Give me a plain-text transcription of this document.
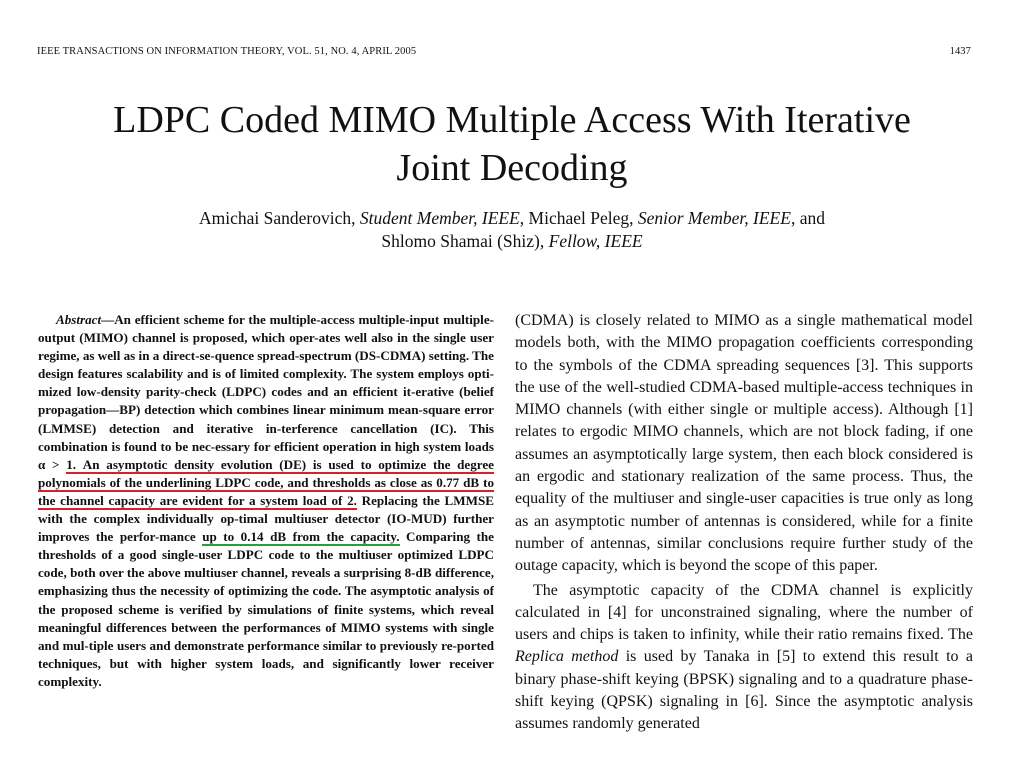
IEEE TRANSACTIONS ON INFORMATION THEORY, VOL. 51, NO. 4, APRIL 2005	1437
LDPC Coded MIMO Multiple Access With Iterative
Joint Decoding
Amichai Sanderovich, Student Member, IEEE, Michael Peleg, Senior Member, IEEE, and
Shlomo Shamai (Shiz), Fellow, IEEE
Abstract—An efficient scheme for the multiple-access multiple-input multiple-output (MIMO) channel is proposed, which oper-ates well also in the single user regime, as well as in a direct-se-quence spread-spectrum (DS-CDMA) setting. The design features scalability and is of limited complexity. The system employs opti-mized low-density parity-check (LDPC) codes and an efficient it-erative (belief propagation—BP) detection which combines linear minimum mean-square error (LMMSE) detection and iterative in-terference cancellation (IC). This combination is found to be nec-essary for efficient operation in high system loads α > 1. An asymptotic density evolution (DE) is used to optimize the degree polynomials of the underlining LDPC code, and thresholds as close as 0.77 dB to the channel capacity are evident for a system load of 2. Replacing the LMMSE with the complex individually op-timal multiuser detector (IO-MUD) further improves the perfor-mance up to 0.14 dB from the capacity. Comparing the thresholds of a good single-user LDPC code to the multiuser optimized LDPC code, both over the above multiuser channel, reveals a surprising 8-dB difference, emphasizing thus the necessity of optimizing the code. The asymptotic analysis of the proposed scheme is verified by simulations of finite systems, which reveal meaningful differences between the performances of MIMO systems with single and mul-tiple users and demonstrate performance similar to previously re-ported techniques, but with higher system loads, and significantly lower receiver complexity.

(CDMA) is closely related to MIMO as a single mathematical model models both, with the MIMO propagation coefficients corresponding to the symbols of the CDMA spreading sequences [3]. This supports the use of the well-studied CDMA-based multiple-access techniques in MIMO channels (with either single or multiple access). Although [1] relates to ergodic MIMO channels, which are not block fading, if one assumes an asymptotically large system, then each block considered is an ergodic and stationary realization of the same process. Thus, the equality of the multiuser and single-user capacities is true only as long as an asymptotic number of antennas is considered, while for a finite number of antennas, similar conclusions require further study of the outage capacity, which is beyond the scope of this paper.

The asymptotic capacity of the CDMA channel is explicitly calculated in [4] for unconstrained signaling, where the number of users and chips is taken to infinity, while their ratio remains fixed. The Replica method is used by Tanaka in [5] to extend this result to a binary phase-shift keying (BPSK) signaling and to a quadrature phase-shift keying (QPSK) signaling in [6]. Since the asymptotic analysis assumes randomly generated
